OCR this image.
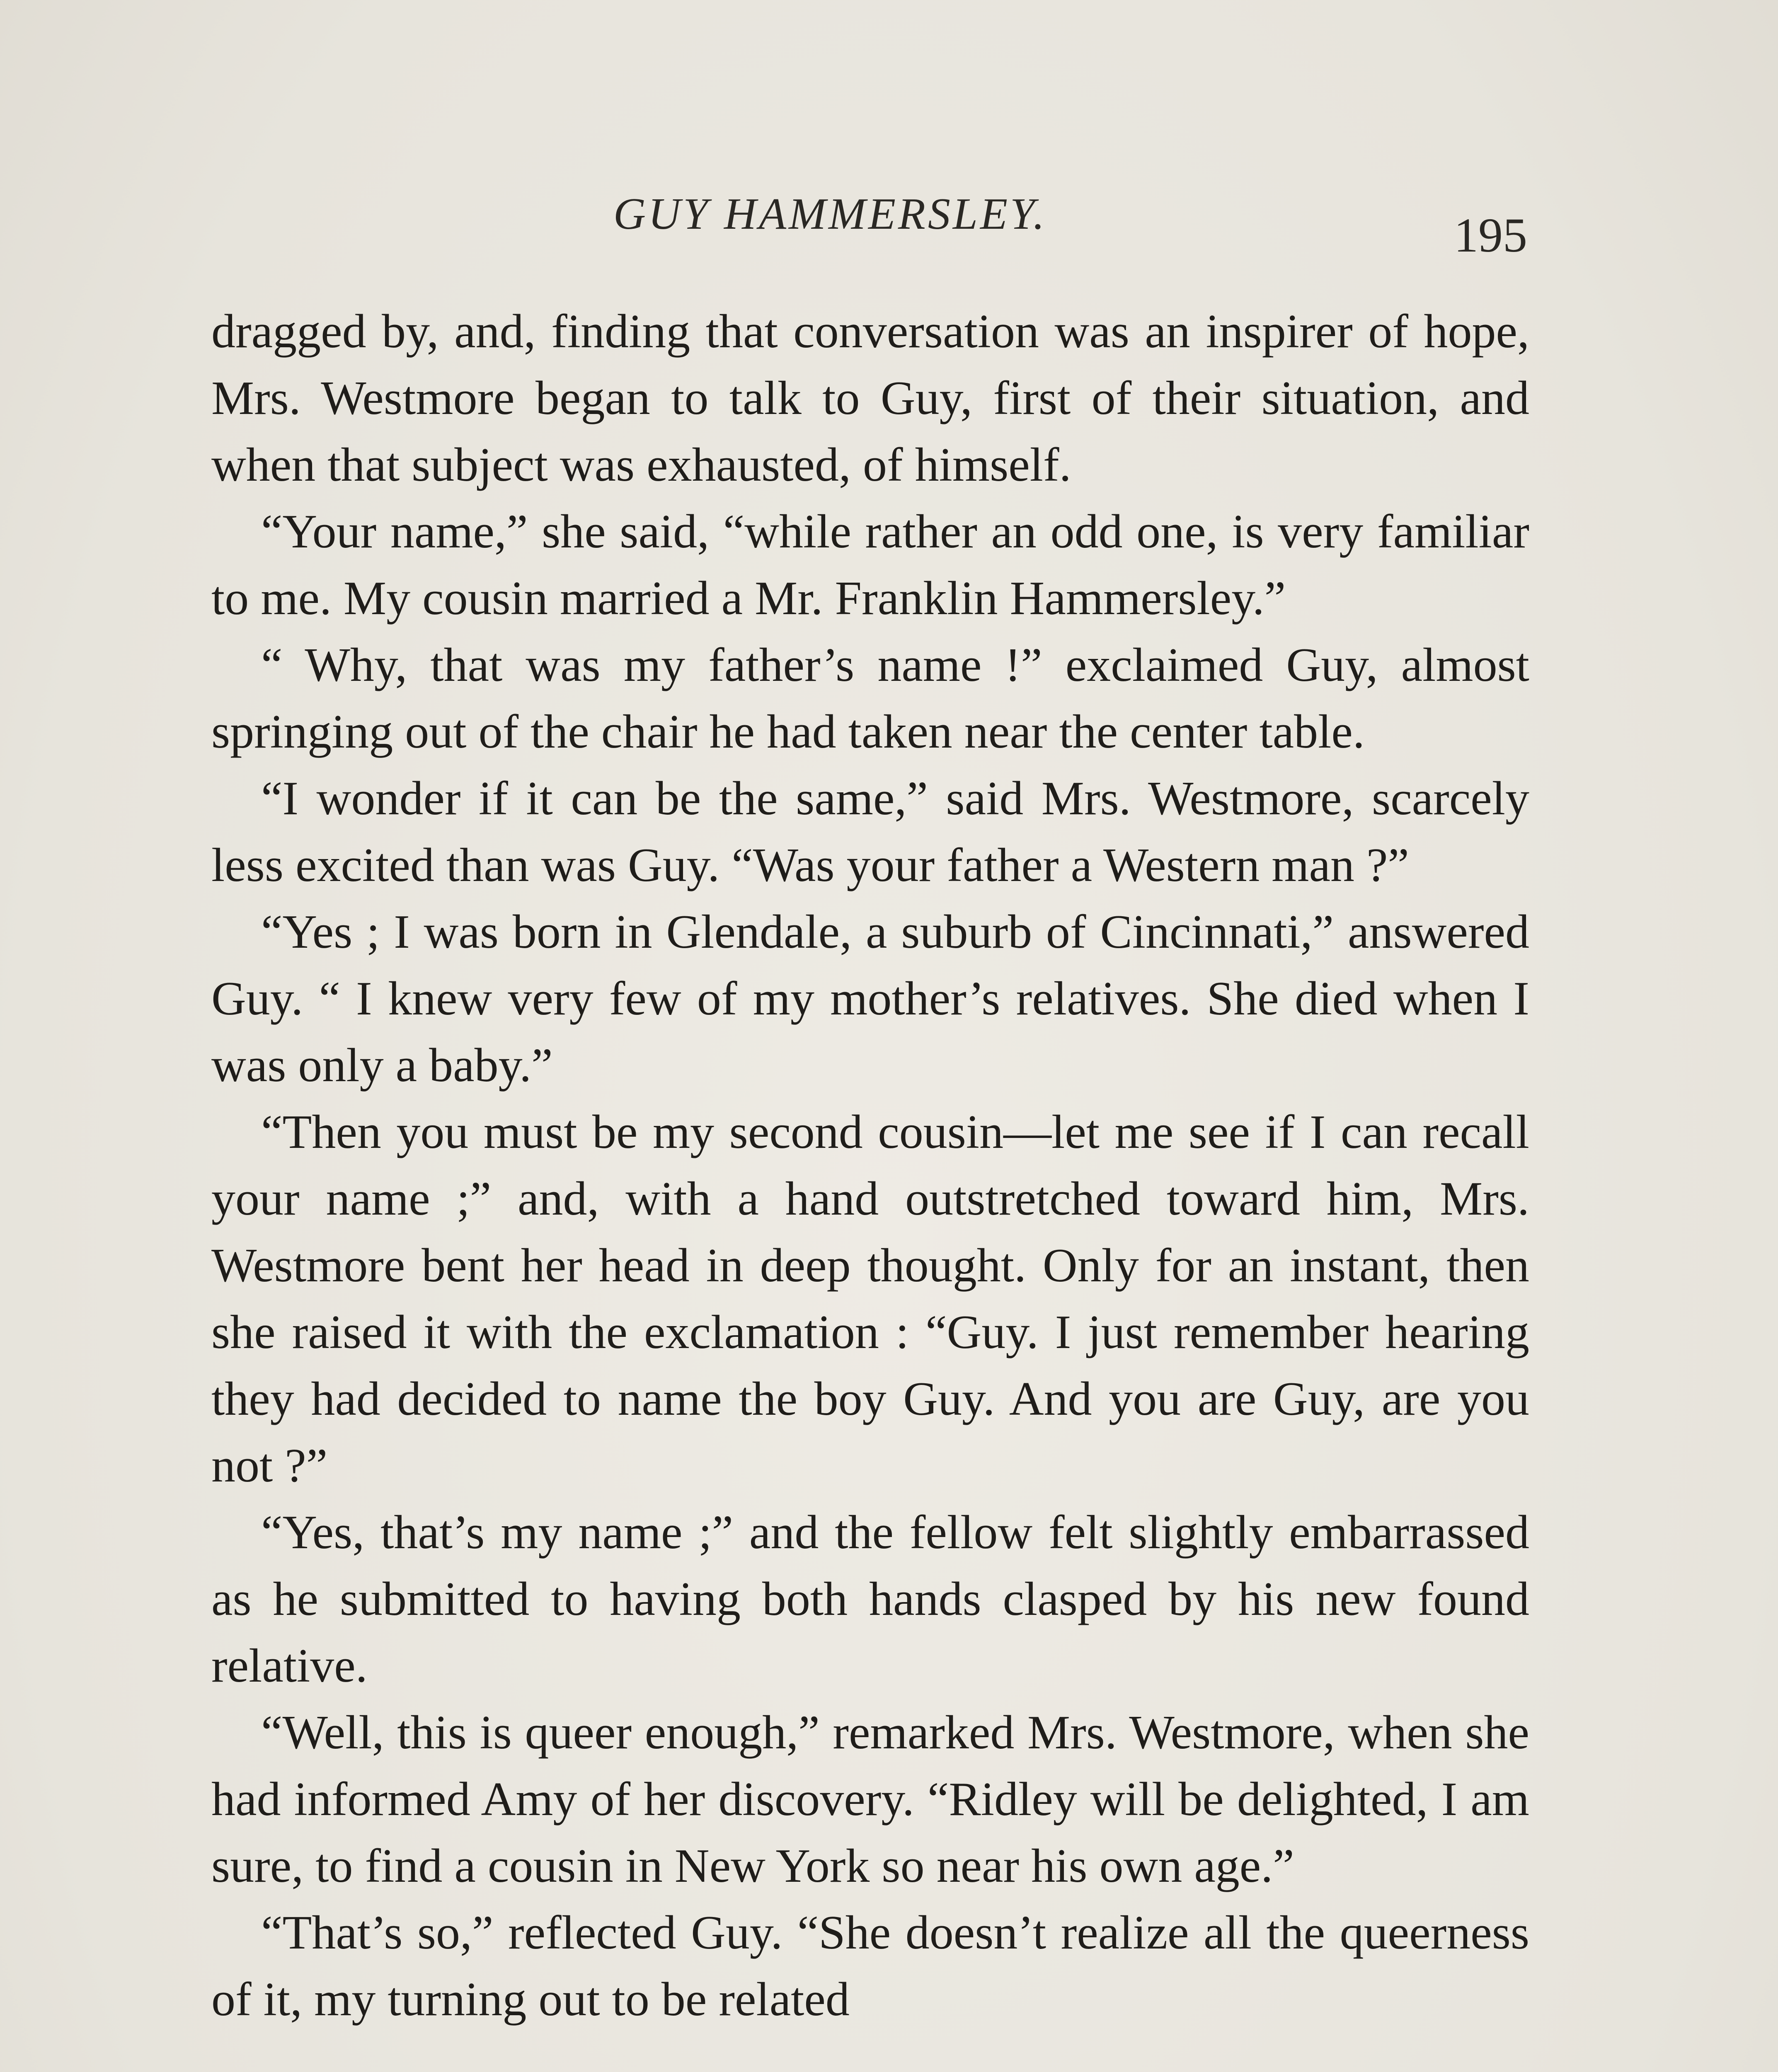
GUY HAMMERSLEY.	195

dragged by, and, finding that conversation was an inspirer of hope, Mrs. Westmore began to talk to Guy, first of their situation, and when that subject was exhausted, of himself.

“Your name,” she said, “while rather an odd one, is very familiar to me. My cousin married a Mr. Franklin Hammersley.”

“ Why, that was my father’s name !” exclaimed Guy, almost springing out of the chair he had taken near the center table.

“I wonder if it can be the same,” said Mrs. Westmore, scarcely less excited than was Guy. “Was your father a Western man ?”

“Yes ; I was born in Glendale, a suburb of Cincinnati,” answered Guy. “ I knew very few of my mother’s relatives. She died when I was only a baby.”

“Then you must be my second cousin—let me see if I can recall your name ;” and, with a hand outstretched toward him, Mrs. Westmore bent her head in deep thought. Only for an instant, then she raised it with the exclamation : “Guy. I just remember hearing they had decided to name the boy Guy. And you are Guy, are you not ?”

“Yes, that’s my name ;” and the fellow felt slightly embarrassed as he submitted to having both hands clasped by his new found relative.

“Well, this is queer enough,” remarked Mrs. Westmore, when she had informed Amy of her discovery. “Ridley will be delighted, I am sure, to find a cousin in New York so near his own age.”

“That’s so,” reflected Guy. “She doesn’t realize all the queerness of it, my turning out to be related
